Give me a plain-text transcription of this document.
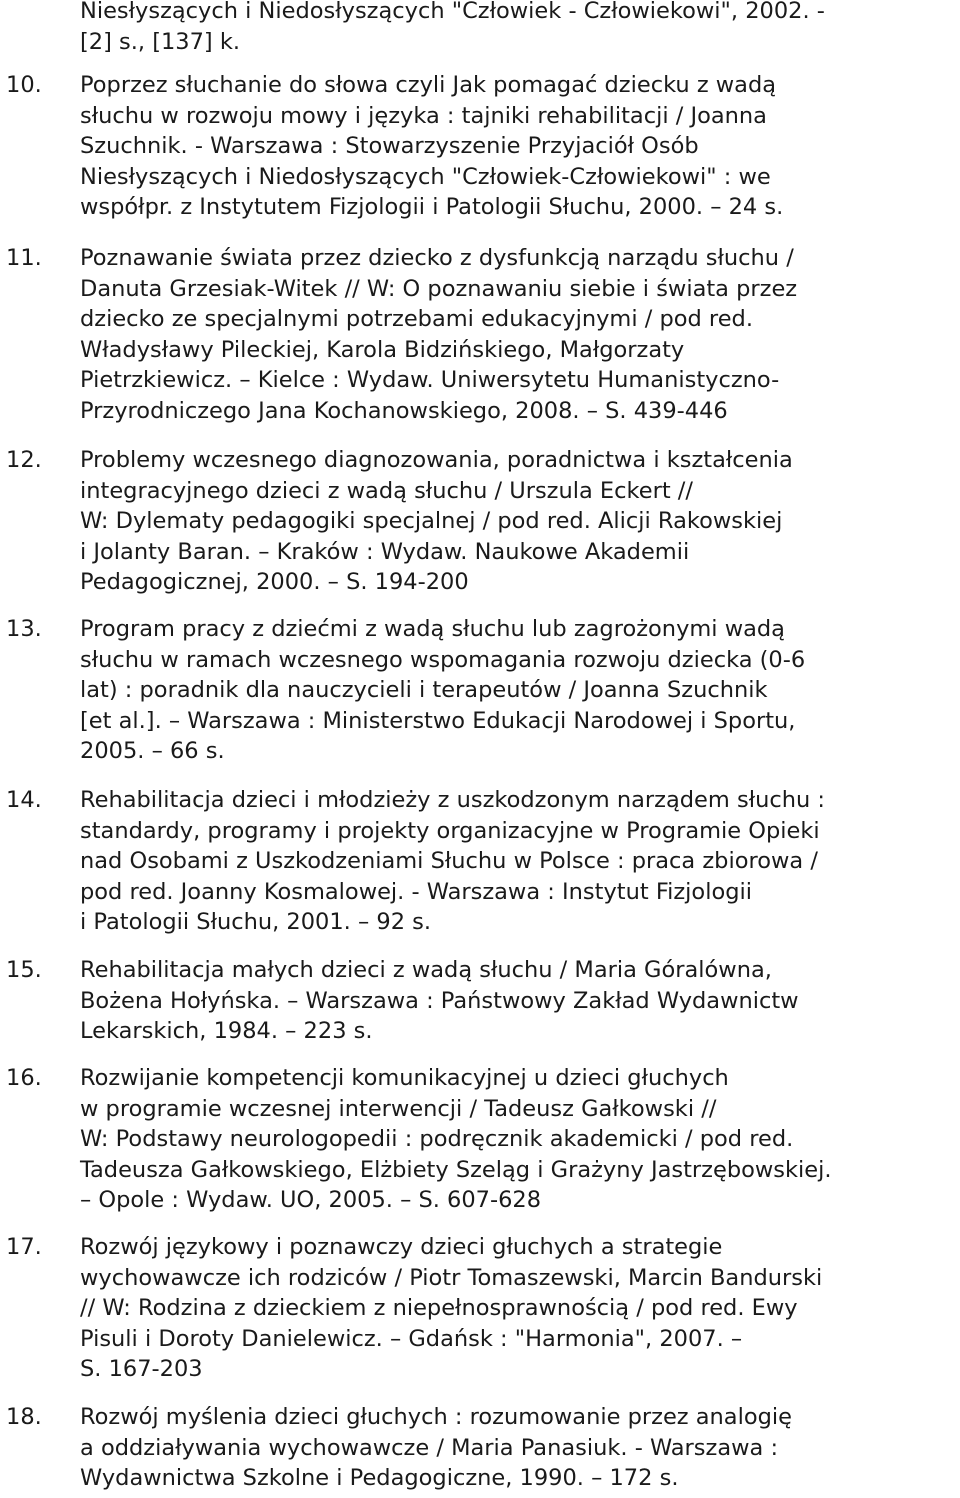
Niesłyszących i Niedosłyszących "Człowiek - Człowiekowi", 2002. -
[2] s., [137] k.
10.	Poprzez słuchanie do słowa czyli Jak pomagać dziecku z wadą
słuchu w rozwoju mowy i języka : tajniki rehabilitacji / Joanna
Szuchnik. - Warszawa : Stowarzyszenie Przyjaciół Osób
Niesłyszących i Niedosłyszących "Człowiek-Człowiekowi" : we
współpr. z Instytutem Fizjologii i Patologii Słuchu, 2000. – 24 s.
11.	Poznawanie świata przez dziecko z dysfunkcją narządu słuchu /
Danuta Grzesiak-Witek // W: O poznawaniu siebie i świata przez
dziecko ze specjalnymi potrzebami edukacyjnymi / pod red.
Władysławy Pileckiej, Karola Bidzińskiego, Małgorzaty
Pietrzkiewicz. – Kielce : Wydaw. Uniwersytetu Humanistyczno-
Przyrodniczego Jana Kochanowskiego, 2008. – S. 439-446
12.	Problemy wczesnego diagnozowania, poradnictwa i kształcenia
integracyjnego dzieci z wadą słuchu / Urszula Eckert //
W: Dylematy pedagogiki specjalnej / pod red. Alicji Rakowskiej
i Jolanty Baran. – Kraków : Wydaw. Naukowe Akademii
Pedagogicznej, 2000. – S. 194-200
13.	Program pracy z dziećmi z wadą słuchu lub zagrożonymi wadą
słuchu w ramach wczesnego wspomagania rozwoju dziecka (0-6
lat) : poradnik dla nauczycieli i terapeutów / Joanna Szuchnik
[et al.]. – Warszawa : Ministerstwo Edukacji Narodowej i Sportu,
2005. – 66 s.
14.	Rehabilitacja dzieci i młodzieży z uszkodzonym narządem słuchu :
standardy, programy i projekty organizacyjne w Programie Opieki
nad Osobami z Uszkodzeniami Słuchu w Polsce : praca zbiorowa /
pod red. Joanny Kosmalowej. - Warszawa : Instytut Fizjologii
i Patologii Słuchu, 2001. – 92 s.
15.	Rehabilitacja małych dzieci z wadą słuchu / Maria Góralówna,
Bożena Hołyńska. – Warszawa : Państwowy Zakład Wydawnictw
Lekarskich, 1984. – 223 s.
16.	Rozwijanie kompetencji komunikacyjnej u dzieci głuchych
w programie wczesnej interwencji / Tadeusz Gałkowski //
W: Podstawy neurologopedii : podręcznik akademicki / pod red.
Tadeusza Gałkowskiego, Elżbiety Szeląg i Grażyny Jastrzębowskiej.
– Opole : Wydaw. UO, 2005. – S. 607-628
17.	Rozwój językowy i poznawczy dzieci głuchych a strategie
wychowawcze ich rodziców / Piotr Tomaszewski, Marcin Bandurski
// W: Rodzina z dzieckiem z niepełnosprawnością / pod red. Ewy
Pisuli i Doroty Danielewicz. – Gdańsk : "Harmonia", 2007. –
S. 167-203
18.	Rozwój myślenia dzieci głuchych : rozumowanie przez analogię
a oddziaływania wychowawcze / Maria Panasiuk. - Warszawa :
Wydawnictwa Szkolne i Pedagogiczne, 1990. – 172 s.
